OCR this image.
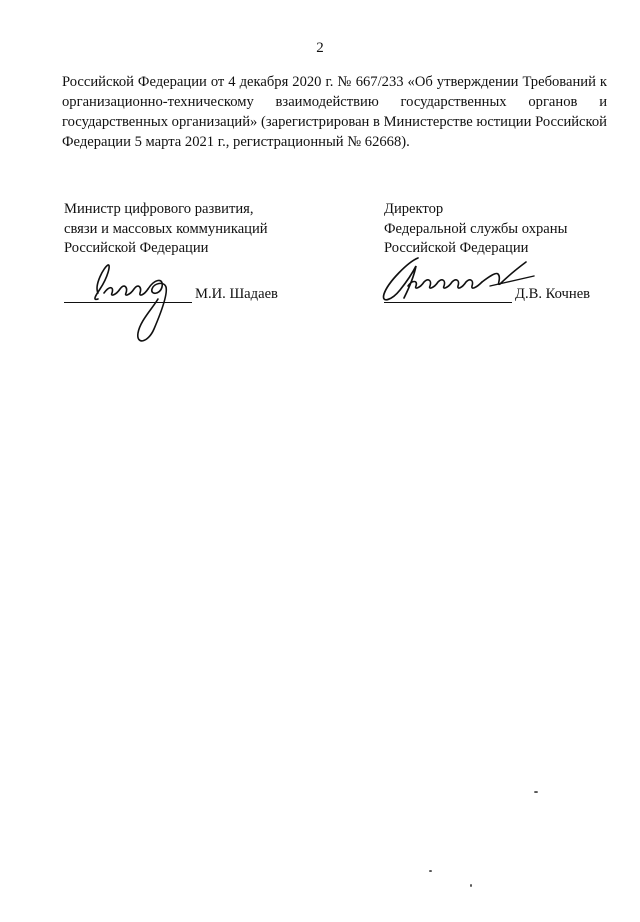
2

Российской Федерации от 4 декабря 2020 г. № 667/233 «Об утверждении Требований к организационно-техническому взаимодействию государственных органов и государственных организаций» (зарегистрирован в Министерстве юстиции Российской Федерации 5 марта 2021 г., регистрационный № 62668).

Министр цифрового развития,
связи и массовых коммуникаций
Российской Федерации
М.И. Шадаев
Директор
Федеральной службы охраны
Российской Федерации
Д.В. Кочнев
